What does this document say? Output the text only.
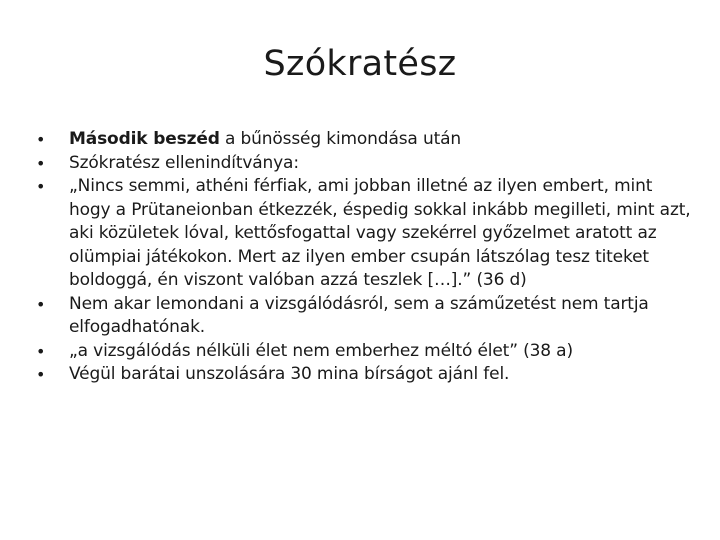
Szókratész
• Második beszéd a bűnösség kimondása után
• Szókratész ellenindítványa:
• „Nincs semmi, athéni férfiak, ami jobban illetné az ilyen embert, mint hogy a Prütaneionban étkezzék, éspedig sokkal inkább megilleti, mint azt, aki közületek lóval, kettősfogattal vagy szekérrel győzelmet aratott az olümpiai játékokon. Mert az ilyen ember csupán látszólag tesz titeket boldoggá, én viszont valóban azzá teszlek […].” (36 d)
• Nem akar lemondani a vizsgálódásról, sem a száműzetést nem tartja elfogadhatónak.
• „a vizsgálódás nélküli élet nem emberhez méltó élet” (38 a)
• Végül barátai unszolására 30 mina bírságot ajánl fel.
